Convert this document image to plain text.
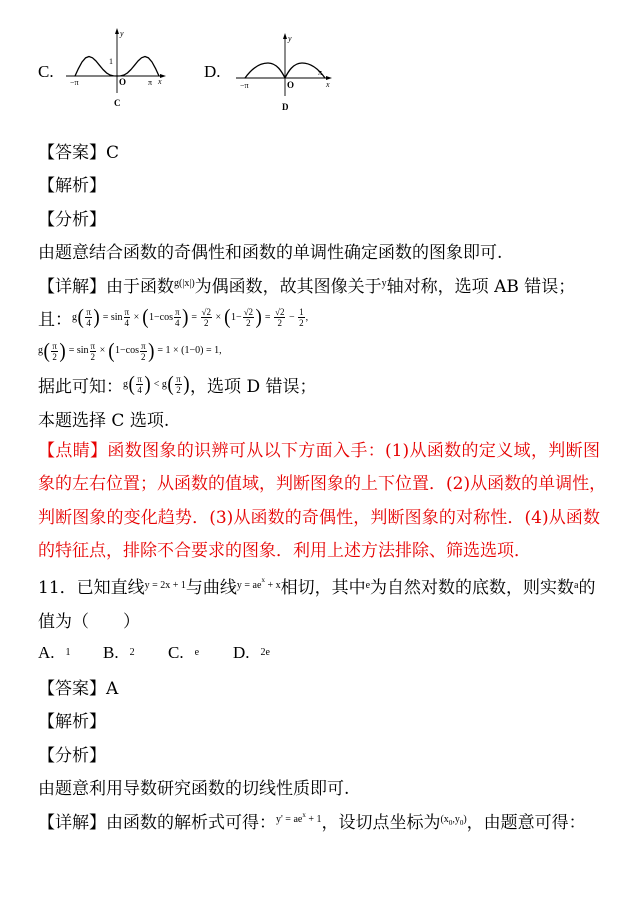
C.
y
1
O
−π	π x
C
D.
y
O
−π
π
x
D
【答案】C
【解析】
【分析】
由题意结合函数的奇偶性和函数的单调性确定函数的图象即可.
【详解】由于函数 g(|x|) 为偶函数，故其图像关于 y 轴对称，选项 AB 错误；
且： g ( $\frac{\pi}{4}$ ) = $\sin \frac{\pi}{4}$ × ( $1-\cos \frac{\pi}{4}$ ) = $\frac{√2}{2}$ × ( $1- \frac{√2}{2}$ ) = $\frac{√2}{2} - \frac{1}{2}$ ,
g ( $\frac{\pi}{2}$ ) = $\sin \frac{\pi}{2}$ × ( $1-\cos \frac{\pi}{2}$ ) = 1 × (1−0) = 1,
据此可知： g ( $\frac{\pi}{4}$ ) < g ( $\frac{\pi}{2}$ ) ，选项 D 错误；
本题选择 C 选项.
【点睛】函数图象的识辨可从以下方面入手：(1)从函数的定义域，判断图
象的左右位置；从函数的值域，判断图象的上下位置．(2)从函数的单调性，
判断图象的变化趋势．(3)从函数的奇偶性，判断图象的对称性．(4)从函数
的特征点，排除不合要求的图象．利用上述方法排除、筛选选项．
11．已知直线 y = 2x + 1 与曲线 y = ae x + x 相切，其中 e 为自然对数的底数，则实数 a 的
值为（　　）
A. 1 B. 2 C. e D. 2e
【答案】A
【解析】
【分析】
由题意利用导数研究函数的切线性质即可.
【详解】由函数的解析式可得： y' = ae x + 1 ，设切点坐标为 (x 0 ,y 0 ) ，由题意可得：
